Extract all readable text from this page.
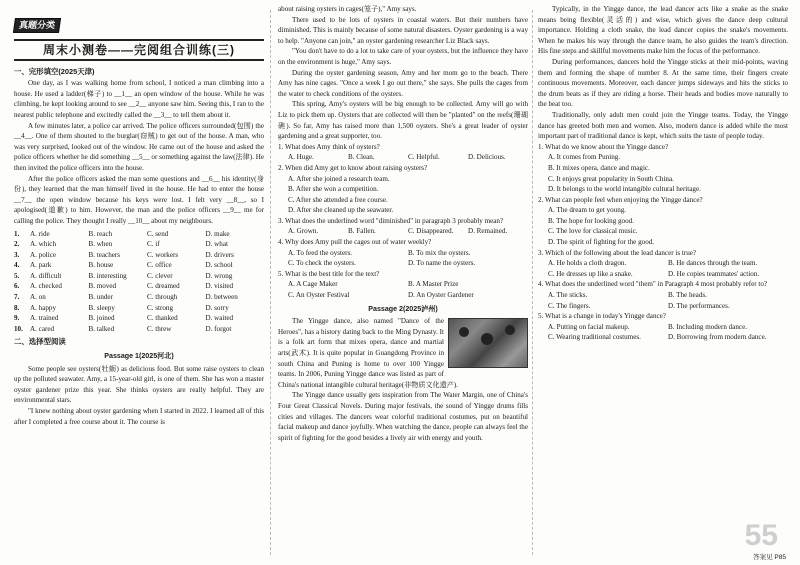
真题分类
周末小测卷——完阅组合训练(三)
一、完形填空(2025天津)

One day, as I was walking home from school, I noticed a man climbing into a house. He used a ladder(梯子) to __1__ an open window of the house. While he was climbing, he kept looking around to see __2__ anyone saw him. Seeing this, I ran to the nearest public telephone and excitedly called the __3__ to tell them about it.

A few minutes later, a police car arrived. The police officers surrounded(包围) the __4__. One of them shouted to the burglar(窃贼) to get out of the house. A man, who was very surprised, looked out of the window. He came out of the house and asked the police officers whether he did something __5__ or something against the law(法律). He then invited the police officers into the house.

After the police officers asked the man some questions and __6__ his identity(身份), they learned that the man himself lived in the house. He had to enter the house __7__ the open window because his keys were lost. I felt very __8__, so I apologised(道歉) to him. However, the man and the police officers __9__ me for calling the police. They thought I really __10__ about my neighbours.

1.	A. ride	B. reach	C. send	D. make
2.	A. which	B. when	C. if	D. what
3.	A. police	B. teachers	C. workers	D. drivers
4.	A. park	B. house	C. office	D. school
5.	A. difficult	B. interesting	C. clever	D. wrong
6.	A. checked	B. moved	C. dreamed	D. visited
7.	A. on	B. under	C. through	D. between
8.	A. happy	B. sleepy	C. strong	D. sorry
9.	A. trained	B. joined	C. thanked	D. waited
10.	A. cared	B. talked	C. threw	D. forgot
二、选择型阅读
Passage 1(2025河北)

Some people see oysters(牡蛎) as delicious food. But some raise oysters to clean up the polluted seawater. Amy, a 15-year-old girl, is one of them. She has won a master oyster gardener prize this year. She thinks oysters are really helpful. They are environmental stars.

"I knew nothing about oyster gardening when I started in 2022. I learned all of this after I completed a free course about it. The course is

about raising oysters in cages(笼子)," Amy says.

There used to be lots of oysters in coastal waters. But their numbers have diminished. This is mainly because of some natural disasters. Oyster gardening is a way to help. "Anyone can join," an oyster gardening researcher Liz Black says.

"You don't have to do a lot to take care of your oysters, but the influence they have on the environment is huge," Amy says.

During the oyster gardening season, Amy and her mom go to the beach. There Amy has nine cages. "Once a week I go out there," she says. She pulls the cages from the water to check conditions of the oysters.

This spring, Amy's oysters will be big enough to be collected. Amy will go with Liz to pick them up. Oysters that are collected will then be "planted" on the reefs(珊瑚礁). So far, Amy has raised more than 1,500 oysters. She's a great leader of oyster gardening and a great supporter, too.

1. What does Amy think of oysters?
A. Huge.	B. Clean.	C. Helpful.	D. Delicious.
2. When did Amy get to know about raising oysters?
A. After she joined a research team.
B. After she won a competition.
C. After she attended a free course.
D. After she cleaned up the seawater.
3. What does the underlined word "diminished" in paragraph 3 probably mean?
A. Grown.	B. Fallen.	C. Disappeared.	D. Remained.
4. Why does Amy pull the cages out of water weekly?
A. To feed the oysters.	B. To mix the oysters.
C. To check the oysters.	D. To name the oysters.
5. What is the best title for the text?
A. A Cage Maker	B. A Master Prize
C. An Oyster Festival	D. An Oyster Gardener
Passage 2(2025泸州)

The Yingge dance, also named "Dance of the Heroes", has a history dating back to the Ming Dynasty. It is a folk art form that mixes opera, dance and martial arts(武术). It is quite popular in Guangdong Province in south China and Puning is home to over 100 Yingge teams. In 2006, Puning Yingge dance was listed as part of China's national intangible cultural heritage(非物质文化遗产).

The Yingge dance usually gets inspiration from The Water Margin, one of China's Four Great Classical Novels. During major festivals, the sound of Yingge drums fills cities and villages. The dancers wear colorful traditional costumes, put on beautiful facial makeup and dance joyfully. When watching the dance, people can always feel the spirit of fighting for the good besides a lively air with energy and youth.

Typically, in the Yingge dance, the lead dancer acts like a snake as the snake means being flexible(灵活的) and wise, which gives the dance deep cultural importance. Holding a cloth snake, the lead dancer copies the snake's movements. When he makes his way through the dance team, he also guides the team's direction. His fine steps and skillful movements make him the focus of the performance.

During performances, dancers hold the Yingge sticks at their mid-points, waving them and forming the shape of number 8. At the same time, their fingers create continuous movements. Moreover, each dancer jumps sideways and hits the sticks to the drum beats as if they are riding a horse. Their heads and bodies move naturally to the beat too.

Traditionally, only adult men could join the Yingge teams. Today, the Yingge dance has greeted both men and women. Also, modern dance is added while the most important part of traditional dance is kept, which suits the taste of people today.

1. What do we know about the Yingge dance?
A. It comes from Puning.
B. It mixes opera, dance and magic.
C. It enjoys great popularity in South China.
D. It belongs to the world intangible cultural heritage.
2. What can people feel when enjoying the Yingge dance?
A. The dream to get young.
B. The hope for looking good.
C. The love for classical music.
D. The spirit of fighting for the good.
3. Which of the following about the lead dancer is true?
A. He holds a cloth dragon.	B. He dances through the team.
C. He dresses up like a snake.	D. He copies teammates' action.
4. What does the underlined word "them" in Paragraph 4 most probably refer to?
A. The sticks.	B. The heads.
C. The fingers.	D. The performances.
5. What is a change in today's Yingge dance?
A. Putting on facial makeup.	B. Including modern dance.
C. Wearing traditional costumes.	D. Borrowing from modern dance.
55
答案见 P85
